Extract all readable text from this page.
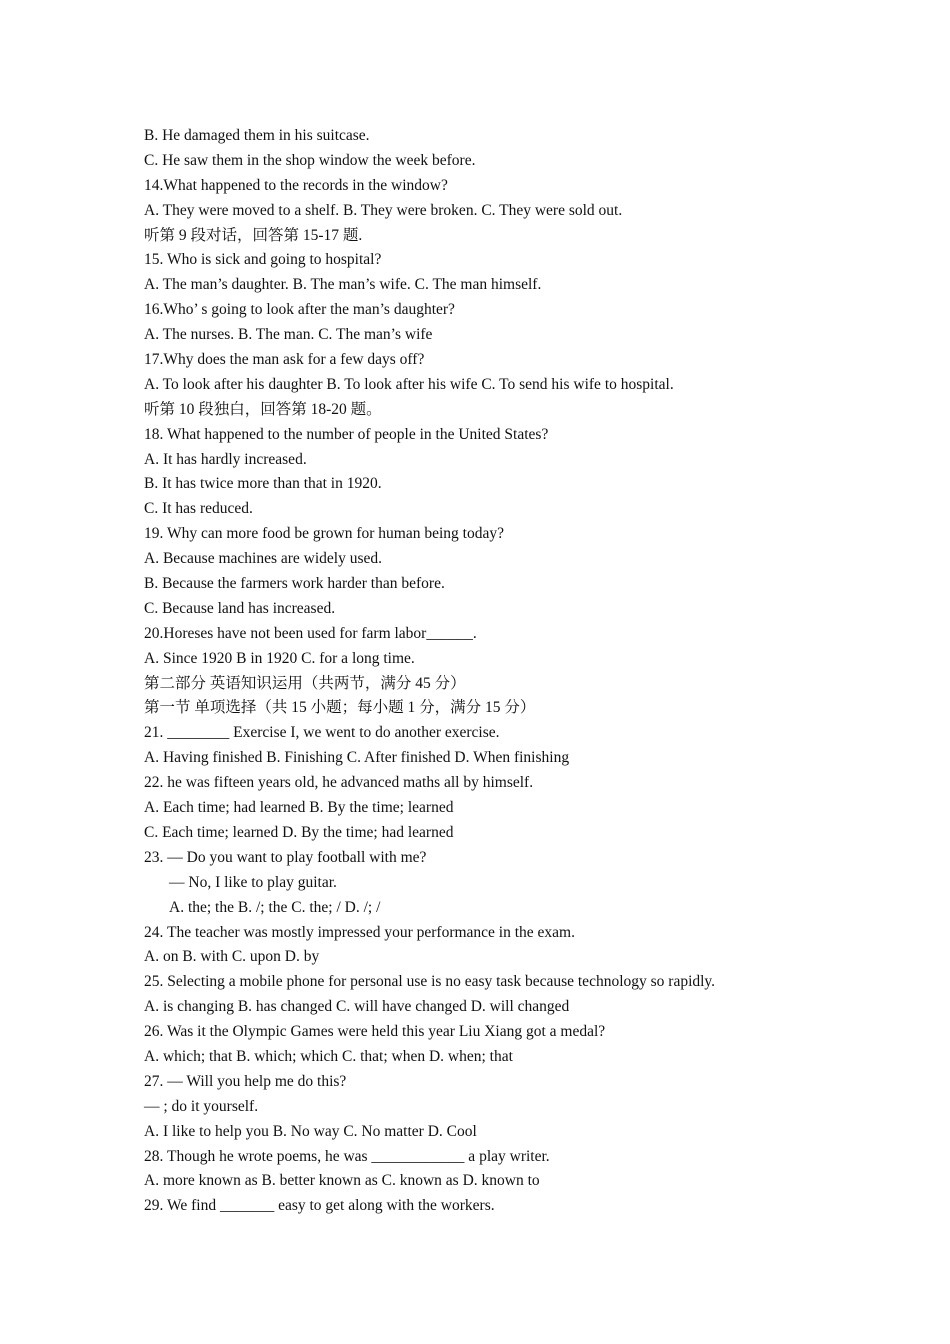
B. He damaged them in his suitcase.
C. He saw them in the shop window the week before.
14.What happened to the records in the window?
A. They were moved to a shelf. B. They were broken. C. They were sold out.
听第 9 段对话，回答第 15-17 题.
15. Who is sick and going to hospital?
A. The man’s daughter. B. The man’s wife. C. The man himself.
16.Who’ s going to look after the man’s daughter?
A. The nurses. B. The man. C. The man’s wife
17.Why does the man ask for a few days off?
A. To look after his daughter B. To look after his wife C. To send his wife to hospital.
听第 10 段独白，回答第 18-20 题。
18. What happened to the number of people in the United States?
A. It has hardly increased.
B. It has twice more than that in 1920.
C. It has reduced.
19. Why can more food be grown for human being today?
A. Because machines are widely used.
B. Because the farmers work harder than before.
C. Because land has increased.
20.Horeses have not been used for farm labor______.
A. Since 1920 B in 1920 C. for a long time.
第二部分 英语知识运用（共两节，满分 45 分）
第一节 单项选择（共 15 小题；每小题 1 分，满分 15 分）
21. ________ Exercise I, we went to do another exercise.
A. Having finished B. Finishing C. After finished D. When finishing
22. he was fifteen years old, he advanced maths all by himself.
A. Each time; had learned B. By the time; learned
C. Each time; learned D. By the time; had learned
23. — Do you want to play football with me?
— No, I like to play guitar.
A. the; the B. /; the C. the; / D. /; /
24. The teacher was mostly impressed your performance in the exam.
A. on B. with C. upon D. by
25. Selecting a mobile phone for personal use is no easy task because technology so rapidly.
A. is changing B. has changed C. will have changed D. will changed
26. Was it the Olympic Games were held this year Liu Xiang got a medal?
A. which; that B. which; which C. that; when D. when; that
27. — Will you help me do this?
— ; do it yourself.
A. I like to help you B. No way C. No matter D. Cool
28. Though he wrote poems, he was ____________ a play writer.
A. more known as B. better known as C. known as D. known to
29. We find _______ easy to get along with the workers.
